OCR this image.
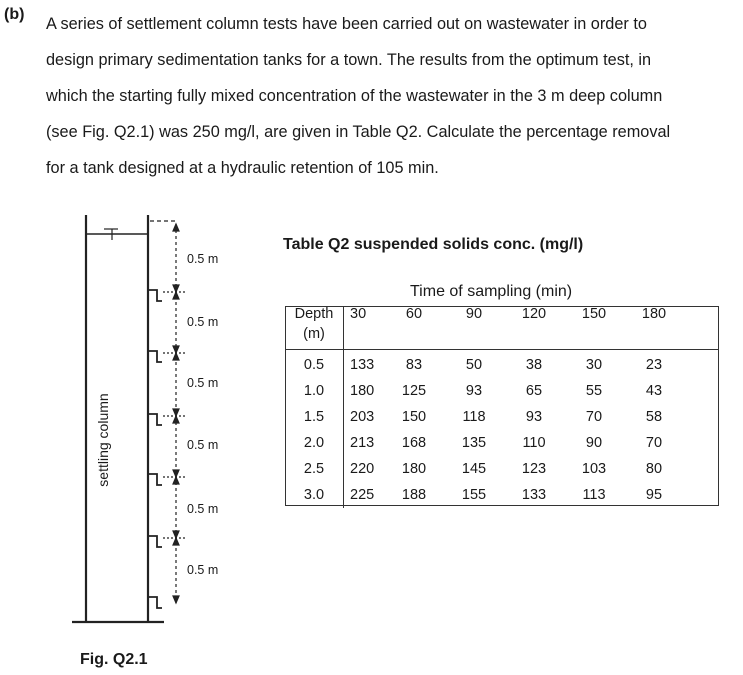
(b)

A series of settlement column tests have been carried out on wastewater in order to

design primary sedimentation tanks for a town. The results from the optimum test, in

which the starting fully mixed concentration of the wastewater in the 3 m deep column

(see Fig. Q2.1) was 250 mg/l, are given in Table Q2. Calculate the percentage removal

for a tank designed at a hydraulic retention of 105 min.

0.5 m
0.5 m
0.5 m
0.5 m
0.5 m
0.5 m
settling column
Fig. Q2.1
Table Q2 suspended solids conc. (mg/l)
Time of sampling (min)
Depth	30	60	90	120	150	180
(m)						
0.5	133	83	50	38	30	23
1.0	180	125	93	65	55	43
1.5	203	150	118	93	70	58
2.0	213	168	135	110	90	70
2.5	220	180	145	123	103	80
3.0	225	188	155	133	113	95
